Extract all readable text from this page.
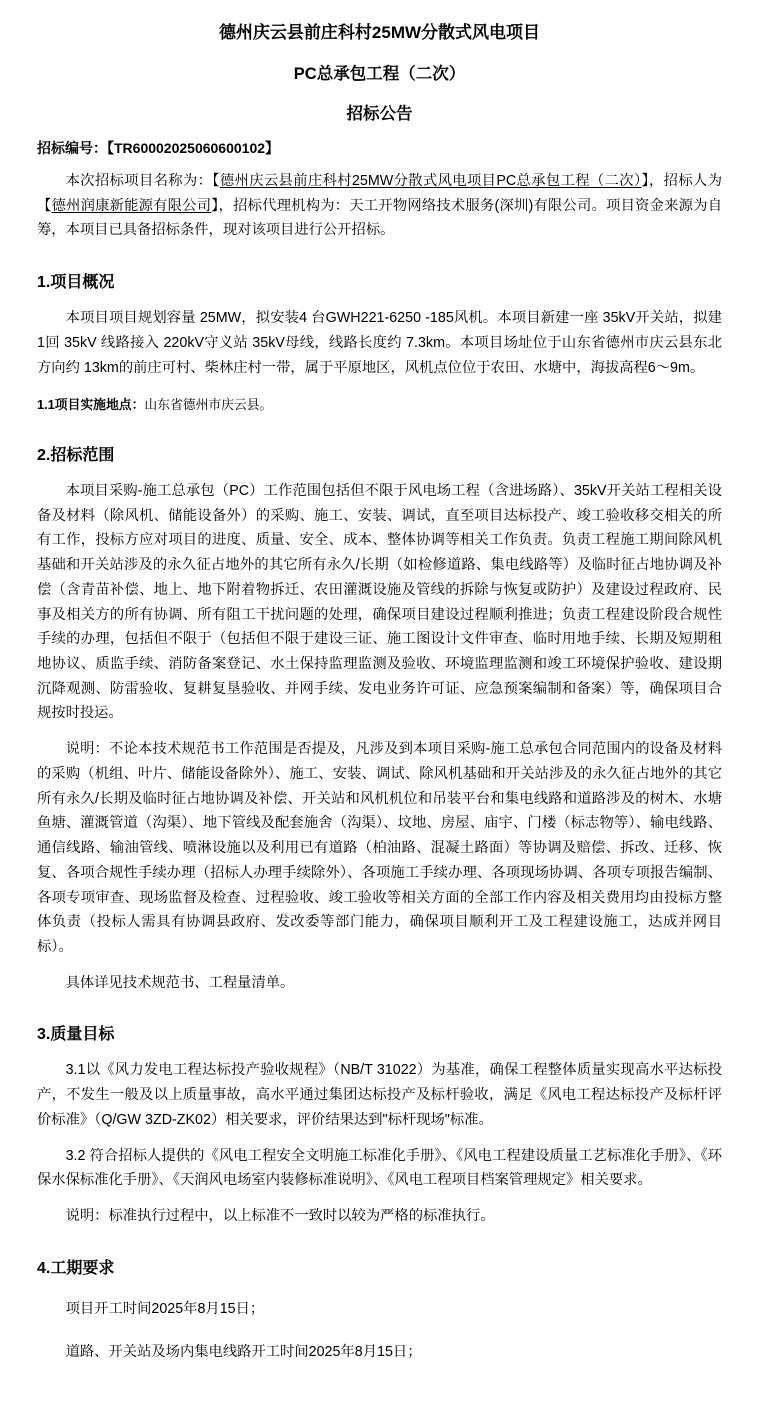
德州庆云县前庄科村25MW分散式风电项目
PC总承包工程（二次）
招标公告
招标编号：【TR60002025060600102】

本次招标项目名称为：【德州庆云县前庄科村25MW分散式风电项目PC总承包工程（二次）】，招标人为【德州润康新能源有限公司】，招标代理机构为：天工开物网络技术服务(深圳)有限公司。项目资金来源为自筹，本项目已具备招标条件，现对该项目进行公开招标。

1.项目概况

本项目项目规划容量 25MW，拟安装4 台GWH221-6250 -185风机。本项目新建一座 35kV开关站，拟建 1回 35kV 线路接入 220kV守义站 35kV母线，线路长度约 7.3km。本项目场址位于山东省德州市庆云县东北方向约 13km的前庄可村、柴林庄村一带，属于平原地区，风机点位位于农田、水塘中，海拔高程6～9m。

1.1项目实施地点：山东省德州市庆云县。
2.招标范围

本项目采购-施工总承包（PC）工作范围包括但不限于风电场工程（含进场路）、35kV开关站工程相关设备及材料（除风机、储能设备外）的采购、施工、安装、调试，直至项目达标投产、竣工验收移交相关的所有工作，投标方应对项目的进度、质量、安全、成本、整体协调等相关工作负责。负责工程施工期间除风机基础和开关站涉及的永久征占地外的其它所有永久/长期（如检修道路、集电线路等）及临时征占地协调及补偿（含青苗补偿、地上、地下附着物拆迁、农田灌溉设施及管线的拆除与恢复或防护）及建设过程政府、民事及相关方的所有协调、所有阻工干扰问题的处理，确保项目建设过程顺利推进；负责工程建设阶段合规性手续的办理，包括但不限于（包括但不限于建设三证、施工图设计文件审查、临时用地手续、长期及短期租地协议、质监手续、消防备案登记、水土保持监理监测及验收、环境监理监测和竣工环境保护验收、建设期沉降观测、防雷验收、复耕复垦验收、并网手续、发电业务许可证、应急预案编制和备案）等，确保项目合规按时投运。

说明：不论本技术规范书工作范围是否提及，凡涉及到本项目采购-施工总承包合同范围内的设备及材料的采购（机组、叶片、储能设备除外）、施工、安装、调试、除风机基础和开关站涉及的永久征占地外的其它所有永久/长期及临时征占地协调及补偿、开关站和风机机位和吊装平台和集电线路和道路涉及的树木、水塘鱼塘、灌溉管道（沟渠）、地下管线及配套施舍（沟渠）、坟地、房屋、庙宇、门楼（标志物等）、输电线路、通信线路、输油管线、喷淋设施以及利用已有道路（柏油路、混凝土路面）等协调及赔偿、拆改、迁移、恢复、各项合规性手续办理（招标人办理手续除外）、各项施工手续办理、各项现场协调、各项专项报告编制、各项专项审查、现场监督及检查、过程验收、竣工验收等相关方面的全部工作内容及相关费用均由投标方整体负责（投标人需具有协调县政府、发改委等部门能力，确保项目顺利开工及工程建设施工，达成并网目标）。

具体详见技术规范书、工程量清单。

3.质量目标

3.1以《风力发电工程达标投产验收规程》（NB/T 31022）为基准，确保工程整体质量实现高水平达标投产，不发生一般及以上质量事故，高水平通过集团达标投产及标杆验收，满足《风电工程达标投产及标杆评价标准》（Q/GW 3ZD-ZK02）相关要求，评价结果达到"标杆现场"标准。

3.2 符合招标人提供的《风电工程安全文明施工标准化手册》、《风电工程建设质量工艺标准化手册》、《环保水保标准化手册》、《天润风电场室内装修标准说明》、《风电工程项目档案管理规定》相关要求。

说明：标准执行过程中，以上标准不一致时以较为严格的标准执行。

4.工期要求

项目开工时间2025年8月15日；

道路、开关站及场内集电线路开工时间2025年8月15日；
